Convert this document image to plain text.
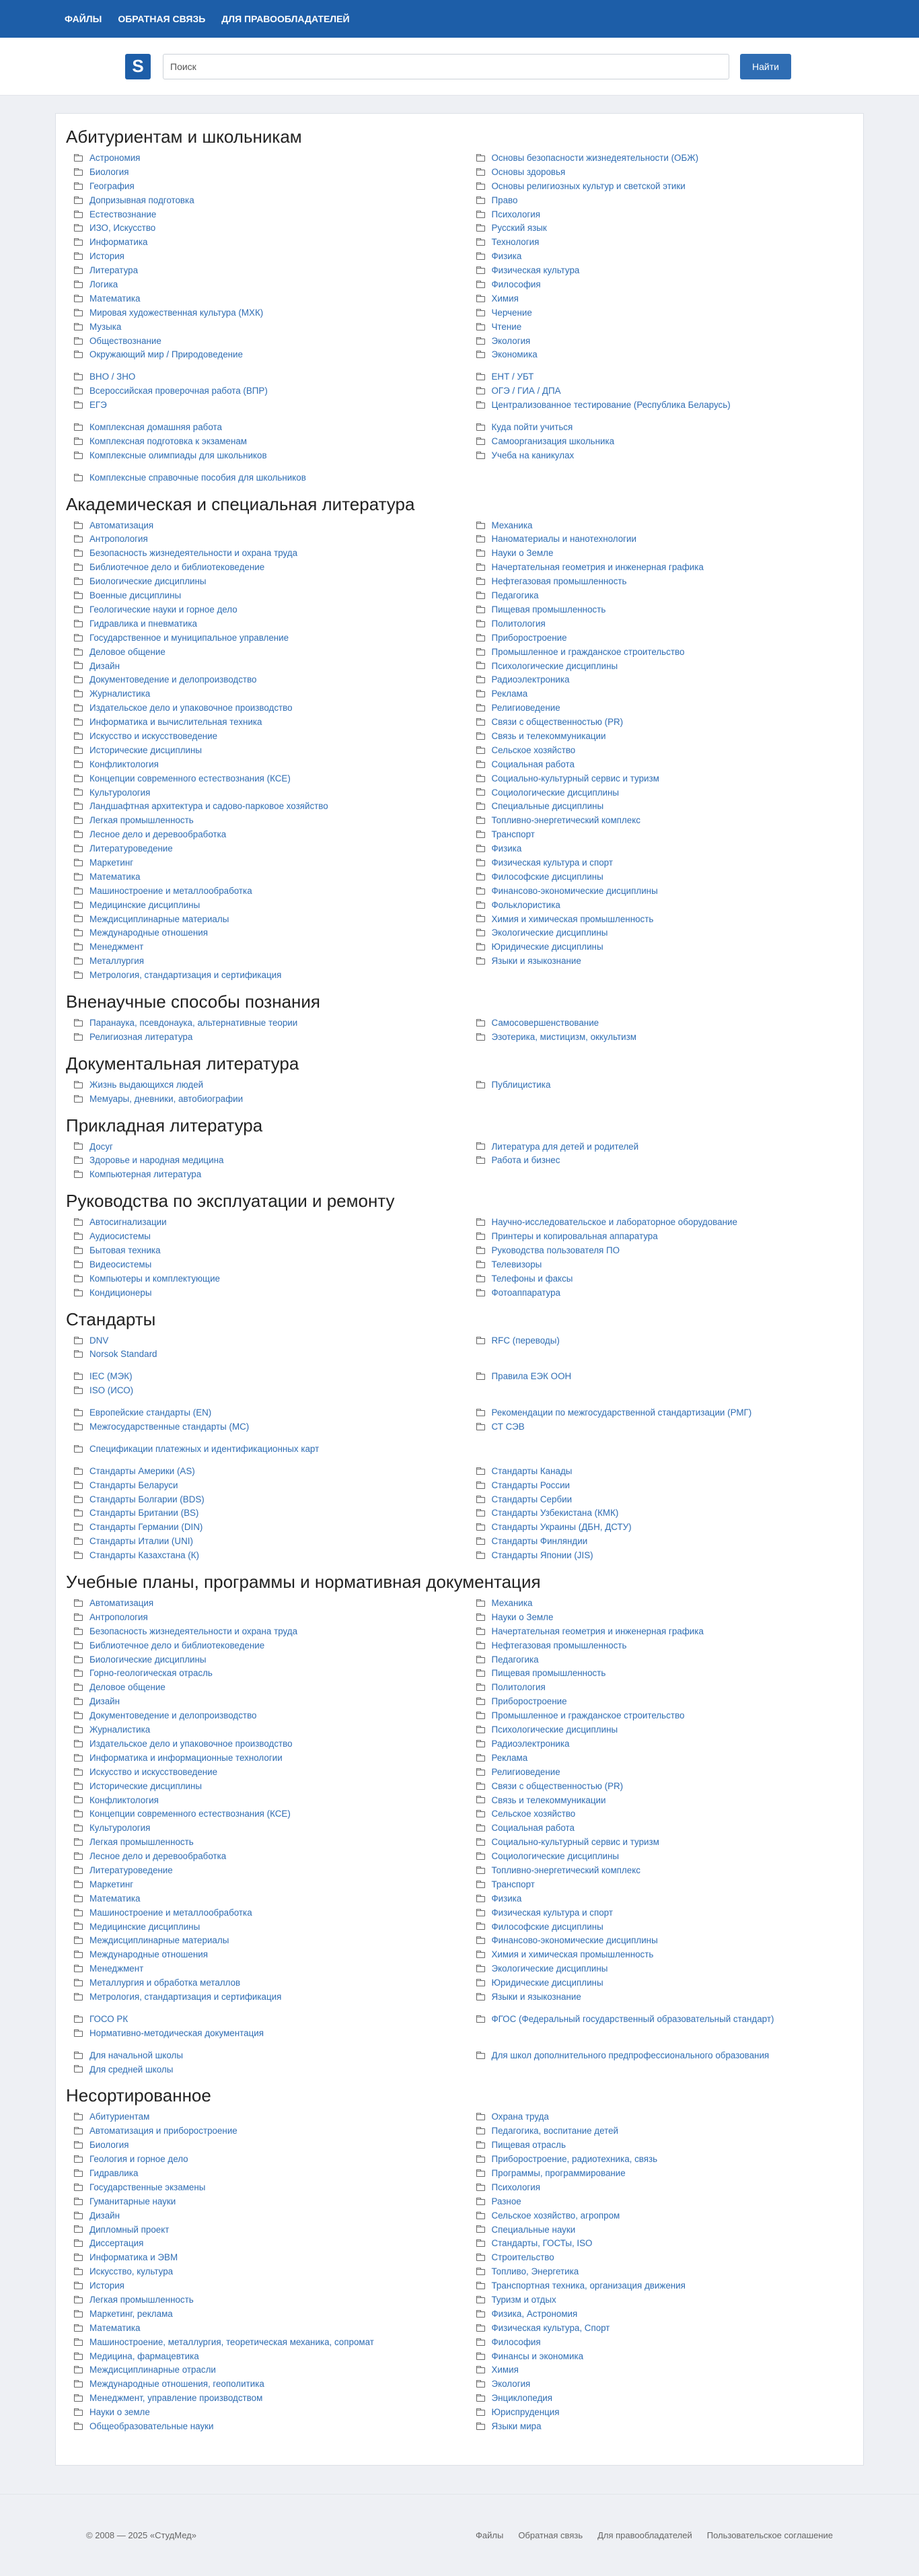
ФАЙЛЫ ОБРАТНАЯ СВЯЗЬ ДЛЯ ПРАВООБЛАДАТЕЛЕЙ
S
Поиск	Найти
Абитуриентам и школьникам
Астрономия
Биология
География
Допризывная подготовка
Естествознание
ИЗО, Искусство
Информатика
История
Литература
Логика
Математика
Мировая художественная культура (МХК)
Музыка
Обществознание
Окружающий мир / Природоведение
Основы безопасности жизнедеятельности (ОБЖ)
Основы здоровья
Основы религиозных культур и светской этики
Право
Психология
Русский язык
Технология
Физика
Физическая культура
Философия
Химия
Черчение
Чтение
Экология
Экономика
ВНО / ЗНО
Всероссийская проверочная работа (ВПР)
ЕГЭ
ЕНТ / УБТ
ОГЭ / ГИА / ДПА
Централизованное тестирование (Республика Беларусь)
Комплексная домашняя работа
Комплексная подготовка к экзаменам
Комплексные олимпиады для школьников
Куда пойти учиться
Самоорганизация школьника
Учеба на каникулах
Комплексные справочные пособия для школьников
Академическая и специальная литература
Автоматизация
Антропология
Безопасность жизнедеятельности и охрана труда
Библиотечное дело и библиотековедение
Биологические дисциплины
Военные дисциплины
Геологические науки и горное дело
Гидравлика и пневматика
Государственное и муниципальное управление
Деловое общение
Дизайн
Документоведение и делопроизводство
Журналистика
Издательское дело и упаковочное производство
Информатика и вычислительная техника
Искусство и искусствоведение
Исторические дисциплины
Конфликтология
Концепции современного естествознания (КСЕ)
Культурология
Ландшафтная архитектура и садово-парковое хозяйство
Легкая промышленность
Лесное дело и деревообработка
Литературоведение
Маркетинг
Математика
Машиностроение и металлообработка
Медицинские дисциплины
Междисциплинарные материалы
Международные отношения
Менеджмент
Металлургия
Метрология, стандартизация и сертификация
Механика
Наноматериалы и нанотехнологии
Науки о Земле
Начертательная геометрия и инженерная графика
Нефтегазовая промышленность
Педагогика
Пищевая промышленность
Политология
Приборостроение
Промышленное и гражданское строительство
Психологические дисциплины
Радиоэлектроника
Реклама
Религиоведение
Связи с общественностью (PR)
Связь и телекоммуникации
Сельское хозяйство
Социальная работа
Социально-культурный сервис и туризм
Социологические дисциплины
Специальные дисциплины
Топливно-энергетический комплекс
Транспорт
Физика
Физическая культура и спорт
Философские дисциплины
Финансово-экономические дисциплины
Фольклористика
Химия и химическая промышленность
Экологические дисциплины
Юридические дисциплины
Языки и языкознание
Вненаучные способы познания
Паранаука, псевдонаука, альтернативные теории
Религиозная литература
Самосовершенствование
Эзотерика, мистицизм, оккультизм
Документальная литература
Жизнь выдающихся людей
Мемуары, дневники, автобиографии
Публицистика
Прикладная литература
Досуг
Здоровье и народная медицина
Компьютерная литература
Литература для детей и родителей
Работа и бизнес
Руководства по эксплуатации и ремонту
Автосигнализации
Аудиосистемы
Бытовая техника
Видеосистемы
Компьютеры и комплектующие
Кондиционеры
Научно-исследовательское и лабораторное оборудование
Принтеры и копировальная аппаратура
Руководства пользователя ПО
Телевизоры
Телефоны и факсы
Фотоаппаратура
Стандарты
DNV
Norsok Standard
RFC (переводы)
IEC (МЭК)
ISO (ИСО)
Правила ЕЭК ООН
Европейские стандарты (EN)
Межгосударственные стандарты (МС)
Рекомендации по межгосударственной стандартизации (РМГ)
СТ СЭВ
Спецификации платежных и идентификационных карт
Стандарты Америки (AS)
Стандарты Беларуси
Стандарты Болгарии (BDS)
Стандарты Британии (BS)
Стандарты Германии (DIN)
Стандарты Италии (UNI)
Стандарты Казахстана (К)
Стандарты Канады
Стандарты России
Стандарты Сербии
Стандарты Узбекистана (КМК)
Стандарты Украины (ДБН, ДСТУ)
Стандарты Финляндии
Стандарты Японии (JIS)
Учебные планы, программы и нормативная документация
Автоматизация
Антропология
Безопасность жизнедеятельности и охрана труда
Библиотечное дело и библиотековедение
Биологические дисциплины
Горно-геологическая отрасль
Деловое общение
Дизайн
Документоведение и делопроизводство
Журналистика
Издательское дело и упаковочное производство
Информатика и информационные технологии
Искусство и искусствоведение
Исторические дисциплины
Конфликтология
Концепции современного естествознания (КСЕ)
Культурология
Легкая промышленность
Лесное дело и деревообработка
Литературоведение
Маркетинг
Математика
Машиностроение и металлообработка
Медицинские дисциплины
Междисциплинарные материалы
Международные отношения
Менеджмент
Металлургия и обработка металлов
Метрология, стандартизация и сертификация
Механика
Науки о Земле
Начертательная геометрия и инженерная графика
Нефтегазовая промышленность
Педагогика
Пищевая промышленность
Политология
Приборостроение
Промышленное и гражданское строительство
Психологические дисциплины
Радиоэлектроника
Реклама
Религиоведение
Связи с общественностью (PR)
Связь и телекоммуникации
Сельское хозяйство
Социальная работа
Социально-культурный сервис и туризм
Социологические дисциплины
Топливно-энергетический комплекс
Транспорт
Физика
Физическая культура и спорт
Философские дисциплины
Финансово-экономические дисциплины
Химия и химическая промышленность
Экологические дисциплины
Юридические дисциплины
Языки и языкознание
ГОСО РК
Нормативно-методическая документация
ФГОС (Федеральный государственный образовательный стандарт)
Для начальной школы
Для средней школы
Для школ дополнительного предпрофессионального образования
Несортированное
Абитуриентам
Автоматизация и приборостроение
Биология
Геология и горное дело
Гидравлика
Государственные экзамены
Гуманитарные науки
Дизайн
Дипломный проект
Диссертация
Информатика и ЭВМ
Искусство, культура
История
Легкая промышленность
Маркетинг, реклама
Математика
Машиностроение, металлургия, теоретическая механика, сопромат
Медицина, фармацевтика
Междисциплинарные отрасли
Международные отношения, геополитика
Менеджмент, управление производством
Науки о земле
Общеобразовательные науки
Охрана труда
Педагогика, воспитание детей
Пищевая отрасль
Приборостроение, радиотехника, связь
Программы, программирование
Психология
Разное
Сельское хозяйство, агропром
Специальные науки
Стандарты, ГОСТы, ISO
Строительство
Топливо, Энергетика
Транспортная техника, организация движения
Туризм и отдых
Физика, Астрономия
Физическая культура, Спорт
Философия
Финансы и экономика
Химия
Экология
Энциклопедия
Юриспруденция
Языки мира
© 2008 — 2025 «СтудМед»	Файлы Обратная связь Для правообладателей Пользовательское соглашение
